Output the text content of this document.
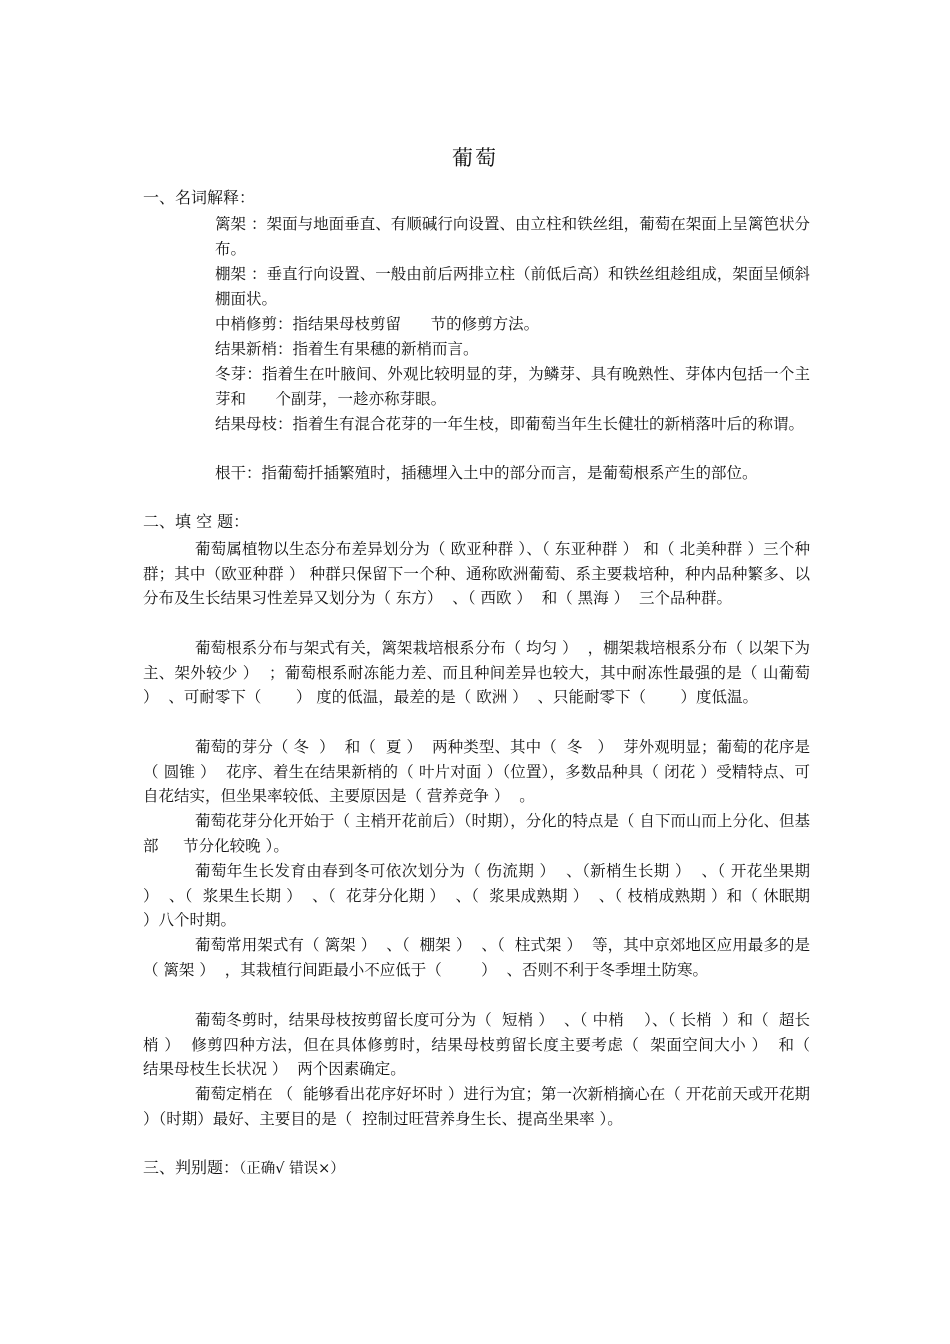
葡萄
一、名词解释：
篱架 ：架面与地面垂直、有顺碱行向设置、由立柱和铁丝组，葡萄在架面上呈篱笆状分布。
棚架 ：垂直行向设置、一般由前后两排立柱（前低后高）和铁丝组趁组成，架面呈倾斜棚面状。
中梢修剪：指结果母枝剪留      节的修剪方法。
结果新梢：指着生有果穗的新梢而言。
冬芽：指着生在叶腋间、外观比较明显的芽，为鳞芽、具有晚熟性、芽体内包括一个主芽和      个副芽，一趁亦称芽眼。
结果母枝：指着生有混合花芽的一年生枝，即葡萄当年生长健壮的新梢落叶后的称谓。
根干：指葡萄扦插繁殖时，插穗埋入土中的部分而言，是葡萄根系产生的部位。
二、填 空 题：
葡萄属植物以生态分布差异划分为（ 欧亚种群 ）、（ 东亚种群 ） 和（ 北美种群 ）三个种群；其中（欧亚种群 ） 种群只保留下一个种、通称欧洲葡萄、系主要栽培种，种内品种繁多、以分布及生长结果习性差异又划分为（ 东方）  、（ 西欧 ）  和（ 黑海 ）  三个品种群。
葡萄根系分布与架式有关，篱架栽培根系分布（ 均匀 ）  ，棚架栽培根系分布（ 以架下为主、架外较少 ）  ；葡萄根系耐冻能力差、而且种间差异也较大，其中耐冻性最强的是（ 山葡萄 ）  、可耐零下（       ） 度的低温，最差的是（ 欧洲 ）  、只能耐零下（       ）度低温。
葡萄的芽分（ 冬  ）  和（  夏 ）  两种类型、其中（  冬   ）  芽外观明显；葡萄的花序是（ 圆锥 ）  花序、着生在结果新梢的（ 叶片对面 ）（位置），多数品种具（ 闭花 ）受精特点、可自花结实，但坐果率较低、主要原因是（ 营养竞争 ）  。
葡萄花芽分化开始于（ 主梢开花前后）（时期），分化的特点是（ 自下而山而上分化、但基部     节分化较晚 ）。
葡萄年生长发育由春到冬可依次划分为（ 伤流期 ）  、（新梢生长期 ）  、（ 开花坐果期 ）  、（  浆果生长期 ）  、（  花芽分化期 ）  、（  浆果成熟期 ）  、（ 枝梢成熟期 ）和（ 休眠期 ）八个时期。
葡萄常用架式有（ 篱架 ）  、（  棚架 ）  、（  柱式架 ）  等，其中京郊地区应用最多的是（ 篱架 ）  ，其栽植行间距最小不应低于（        ）  、否则不利于冬季埋土防寒。
葡萄冬剪时，结果母枝按剪留长度可分为（  短梢 ）  、（ 中梢    ）、（ 长梢  ）和（  超长梢 ）  修剪四种方法，但在具体修剪时，结果母枝剪留长度主要考虑（  架面空间大小 ）  和（  结果母枝生长状况 ）  两个因素确定。
葡萄定梢在 （  能够看出花序好坏时 ）进行为宜；第一次新梢摘心在（ 开花前天或开花期 ）（时期）最好、主要目的是（  控制过旺营养身生长、提高坐果率 ）。
三、判别题：（正确√ 错误×）
